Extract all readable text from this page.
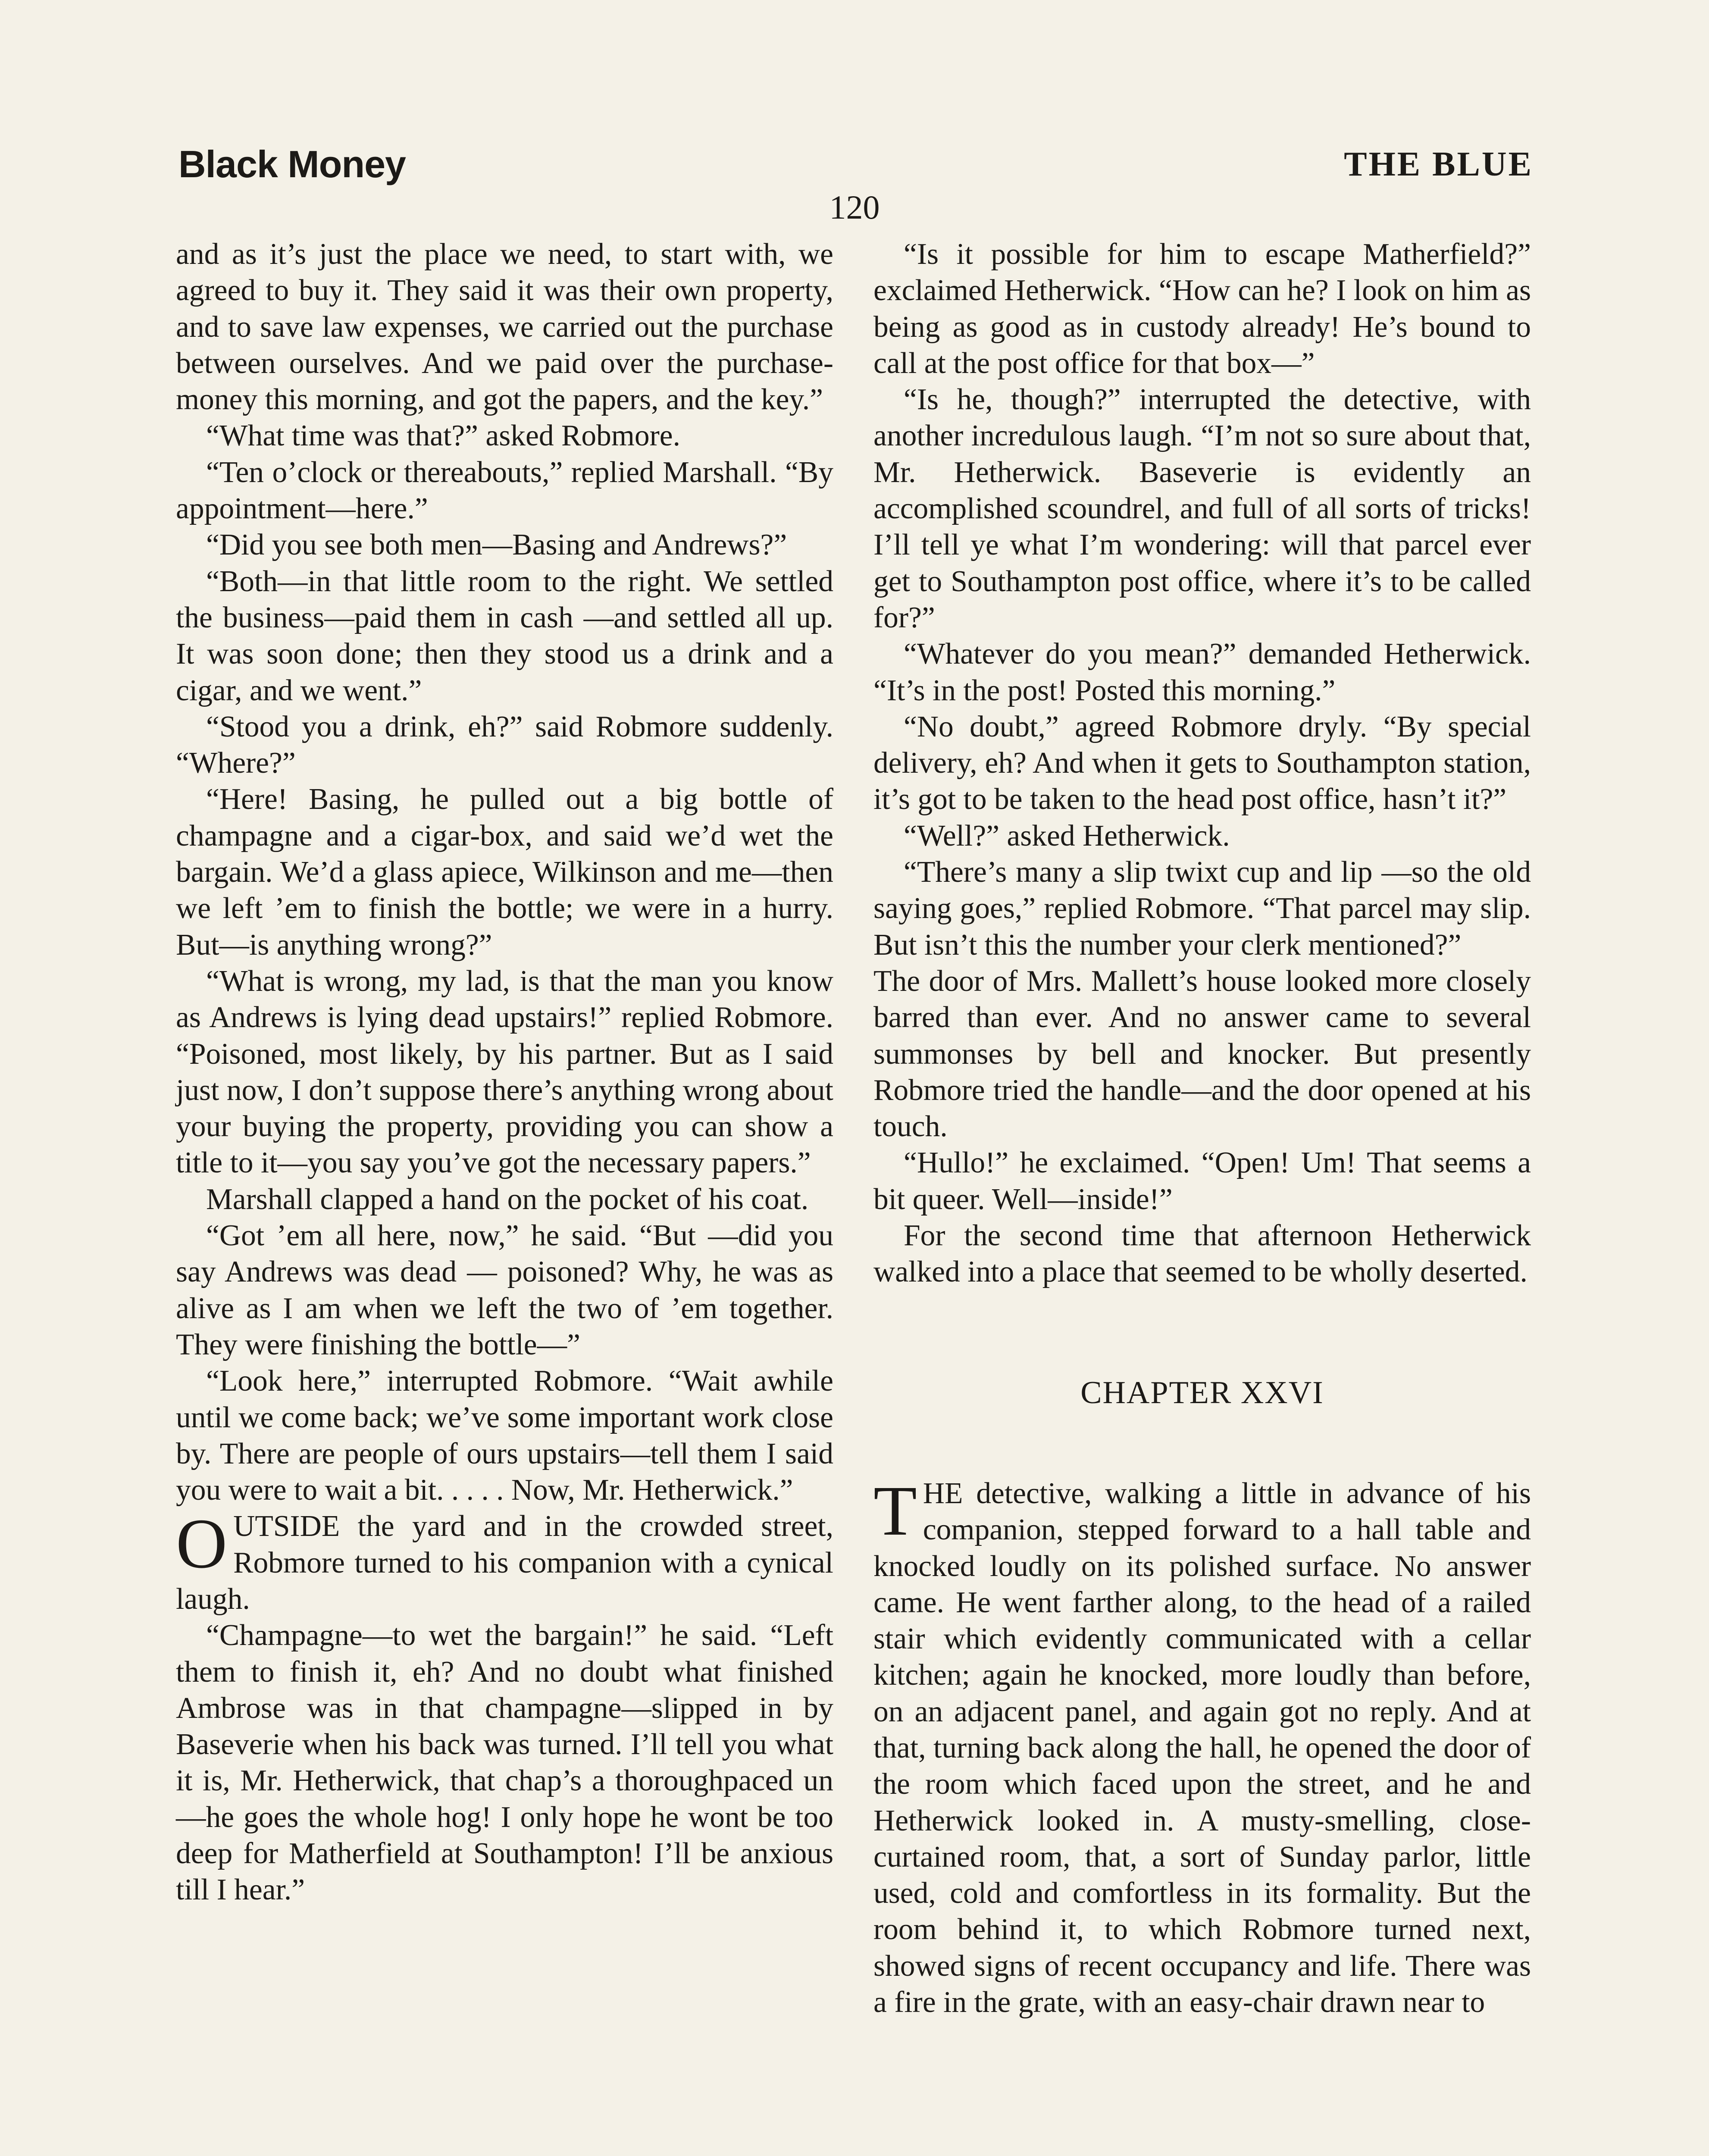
Black Money	THE BLUE
120

and as it’s just the place we need, to start with, we agreed to buy it. They said it was their own property, and to save law expenses, we carried out the purchase between ourselves. And we paid over the purchase-money this morning, and got the papers, and the key.”

“What time was that?” asked Robmore.

“Ten o’clock or thereabouts,” replied Marshall. “By appointment—here.”

“Did you see both men—Basing and Andrews?”

“Both—in that little room to the right. We settled the business—paid them in cash —and settled all up. It was soon done; then they stood us a drink and a cigar, and we went.”

“Stood you a drink, eh?” said Robmore suddenly. “Where?”

“Here! Basing, he pulled out a big bottle of champagne and a cigar-box, and said we’d wet the bargain. We’d a glass apiece, Wilkinson and me—then we left ’em to finish the bottle; we were in a hurry. But—is anything wrong?”

“What is wrong, my lad, is that the man you know as Andrews is lying dead upstairs!” replied Robmore. “Poisoned, most likely, by his partner. But as I said just now, I don’t suppose there’s anything wrong about your buying the property, providing you can show a title to it—you say you’ve got the necessary papers.”

Marshall clapped a hand on the pocket of his coat.

“Got ’em all here, now,” he said. “But —did you say Andrews was dead — poisoned? Why, he was as alive as I am when we left the two of ’em together. They were finishing the bottle—”

“Look here,” interrupted Robmore. “Wait awhile until we come back; we’ve some important work close by. There are people of ours upstairs—tell them I said you were to wait a bit. . . . . Now, Mr. Hetherwick.”

OUTSIDE the yard and in the crowded street, Robmore turned to his companion with a cynical laugh.

“Champagne—to wet the bargain!” he said. “Left them to finish it, eh? And no doubt what finished Ambrose was in that champagne—slipped in by Baseverie when his back was turned. I’ll tell you what it is, Mr. Hetherwick, that chap’s a thoroughpaced un—he goes the whole hog! I only hope he wont be too deep for Matherfield at Southampton! I’ll be anxious till I hear.”

“Is it possible for him to escape Matherfield?” exclaimed Hetherwick. “How can he? I look on him as being as good as in custody already! He’s bound to call at the post office for that box—”

“Is he, though?” interrupted the detective, with another incredulous laugh. “I’m not so sure about that, Mr. Hetherwick. Baseverie is evidently an accomplished scoundrel, and full of all sorts of tricks! I’ll tell ye what I’m wondering: will that parcel ever get to Southampton post office, where it’s to be called for?”

“Whatever do you mean?” demanded Hetherwick. “It’s in the post! Posted this morning.”

“No doubt,” agreed Robmore dryly. “By special delivery, eh? And when it gets to Southampton station, it’s got to be taken to the head post office, hasn’t it?”

“Well?” asked Hetherwick.

“There’s many a slip twixt cup and lip —so the old saying goes,” replied Robmore. “That parcel may slip. But isn’t this the number your clerk mentioned?”

The door of Mrs. Mallett’s house looked more closely barred than ever. And no answer came to several summonses by bell and knocker. But presently Robmore tried the handle—and the door opened at his touch.

“Hullo!” he exclaimed. “Open! Um! That seems a bit queer. Well—inside!”

For the second time that afternoon Hetherwick walked into a place that seemed to be wholly deserted.

CHAPTER XXVI

THE detective, walking a little in advance of his companion, stepped forward to a hall table and knocked loudly on its polished surface. No answer came. He went farther along, to the head of a railed stair which evidently communicated with a cellar kitchen; again he knocked, more loudly than before, on an adjacent panel, and again got no reply. And at that, turning back along the hall, he opened the door of the room which faced upon the street, and he and Hetherwick looked in. A musty-smelling, close-curtained room, that, a sort of Sunday parlor, little used, cold and comfortless in its formality. But the room behind it, to which Robmore turned next, showed signs of recent occupancy and life. There was a fire in the grate, with an easy-chair drawn near to
